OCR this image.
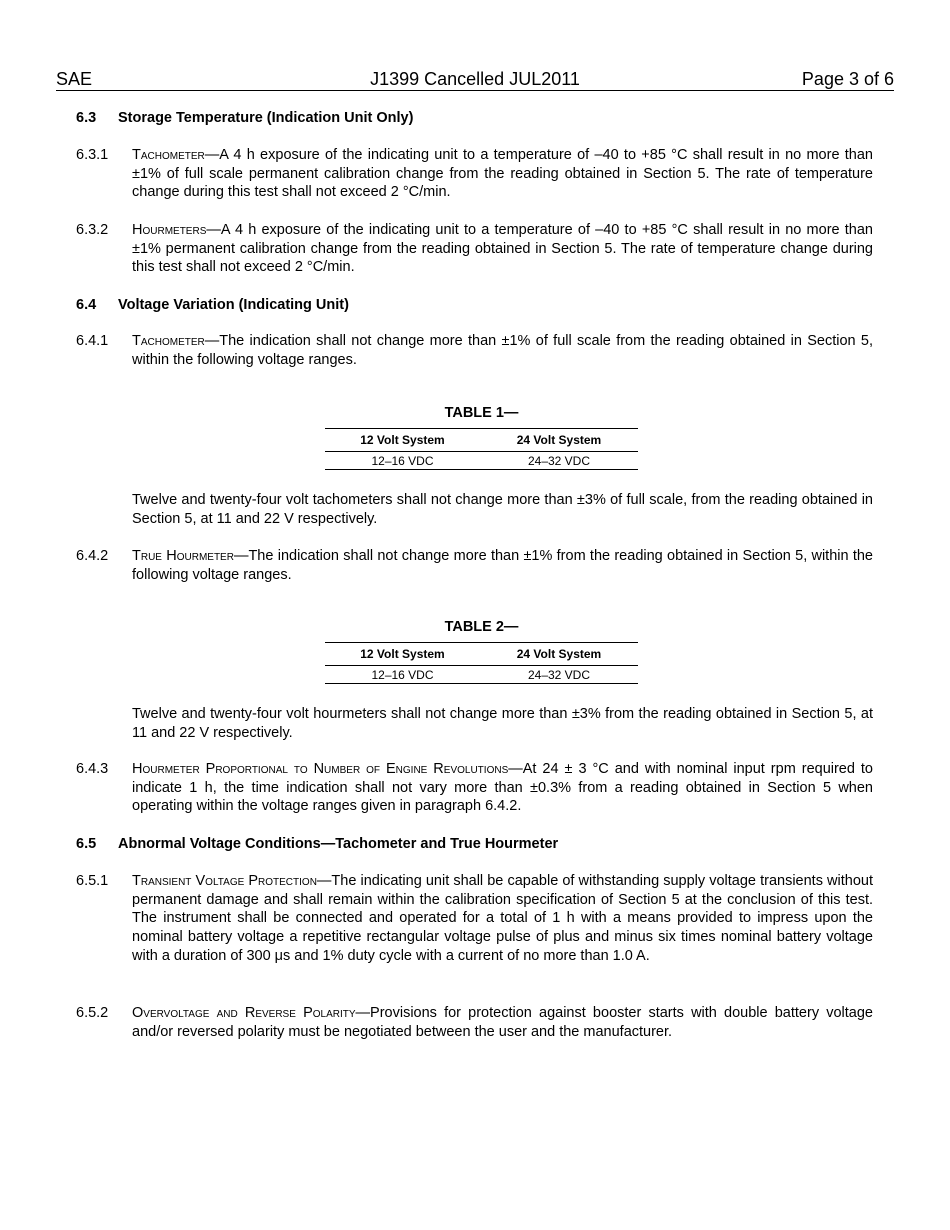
SAE	J1399 Cancelled JUL2011	Page 3 of 6
6.3 Storage Temperature (Indication Unit Only)
6.3.1 Tachometer—A 4 h exposure of the indicating unit to a temperature of –40 to +85 °C shall result in no more than ±1% of full scale permanent calibration change from the reading obtained in Section 5. The rate of temperature change during this test shall not exceed 2 °C/min.
6.3.2 Hourmeters—A 4 h exposure of the indicating unit to a temperature of –40 to +85 °C shall result in no more than ±1% permanent calibration change from the reading obtained in Section 5. The rate of temperature change during this test shall not exceed 2 °C/min.
6.4 Voltage Variation (Indicating Unit)
6.4.1 Tachometer—The indication shall not change more than ±1% of full scale from the reading obtained in Section 5, within the following voltage ranges.
TABLE 1—
12 Volt System	24 Volt System
12–16 VDC	24–32 VDC
Twelve and twenty-four volt tachometers shall not change more than ±3% of full scale, from the reading obtained in Section 5, at 11 and 22 V respectively.
6.4.2 True Hourmeter—The indication shall not change more than ±1% from the reading obtained in Section 5, within the following voltage ranges.
TABLE 2—
12 Volt System	24 Volt System
12–16 VDC	24–32 VDC
Twelve and twenty-four volt hourmeters shall not change more than ±3% from the reading obtained in Section 5, at 11 and 22 V respectively.
6.4.3 Hourmeter Proportional to Number of Engine Revolutions—At 24 ± 3 °C and with nominal input rpm required to indicate 1 h, the time indication shall not vary more than ±0.3% from a reading obtained in Section 5 when operating within the voltage ranges given in paragraph 6.4.2.
6.5 Abnormal Voltage Conditions—Tachometer and True Hourmeter
6.5.1 Transient Voltage Protection—The indicating unit shall be capable of withstanding supply voltage transients without permanent damage and shall remain within the calibration specification of Section 5 at the conclusion of this test. The instrument shall be connected and operated for a total of 1 h with a means provided to impress upon the nominal battery voltage a repetitive rectangular voltage pulse of plus and minus six times nominal battery voltage with a duration of 300 μs and 1% duty cycle with a current of no more than 1.0 A.
6.5.2 Overvoltage and Reverse Polarity—Provisions for protection against booster starts with double battery voltage and/or reversed polarity must be negotiated between the user and the manufacturer.
